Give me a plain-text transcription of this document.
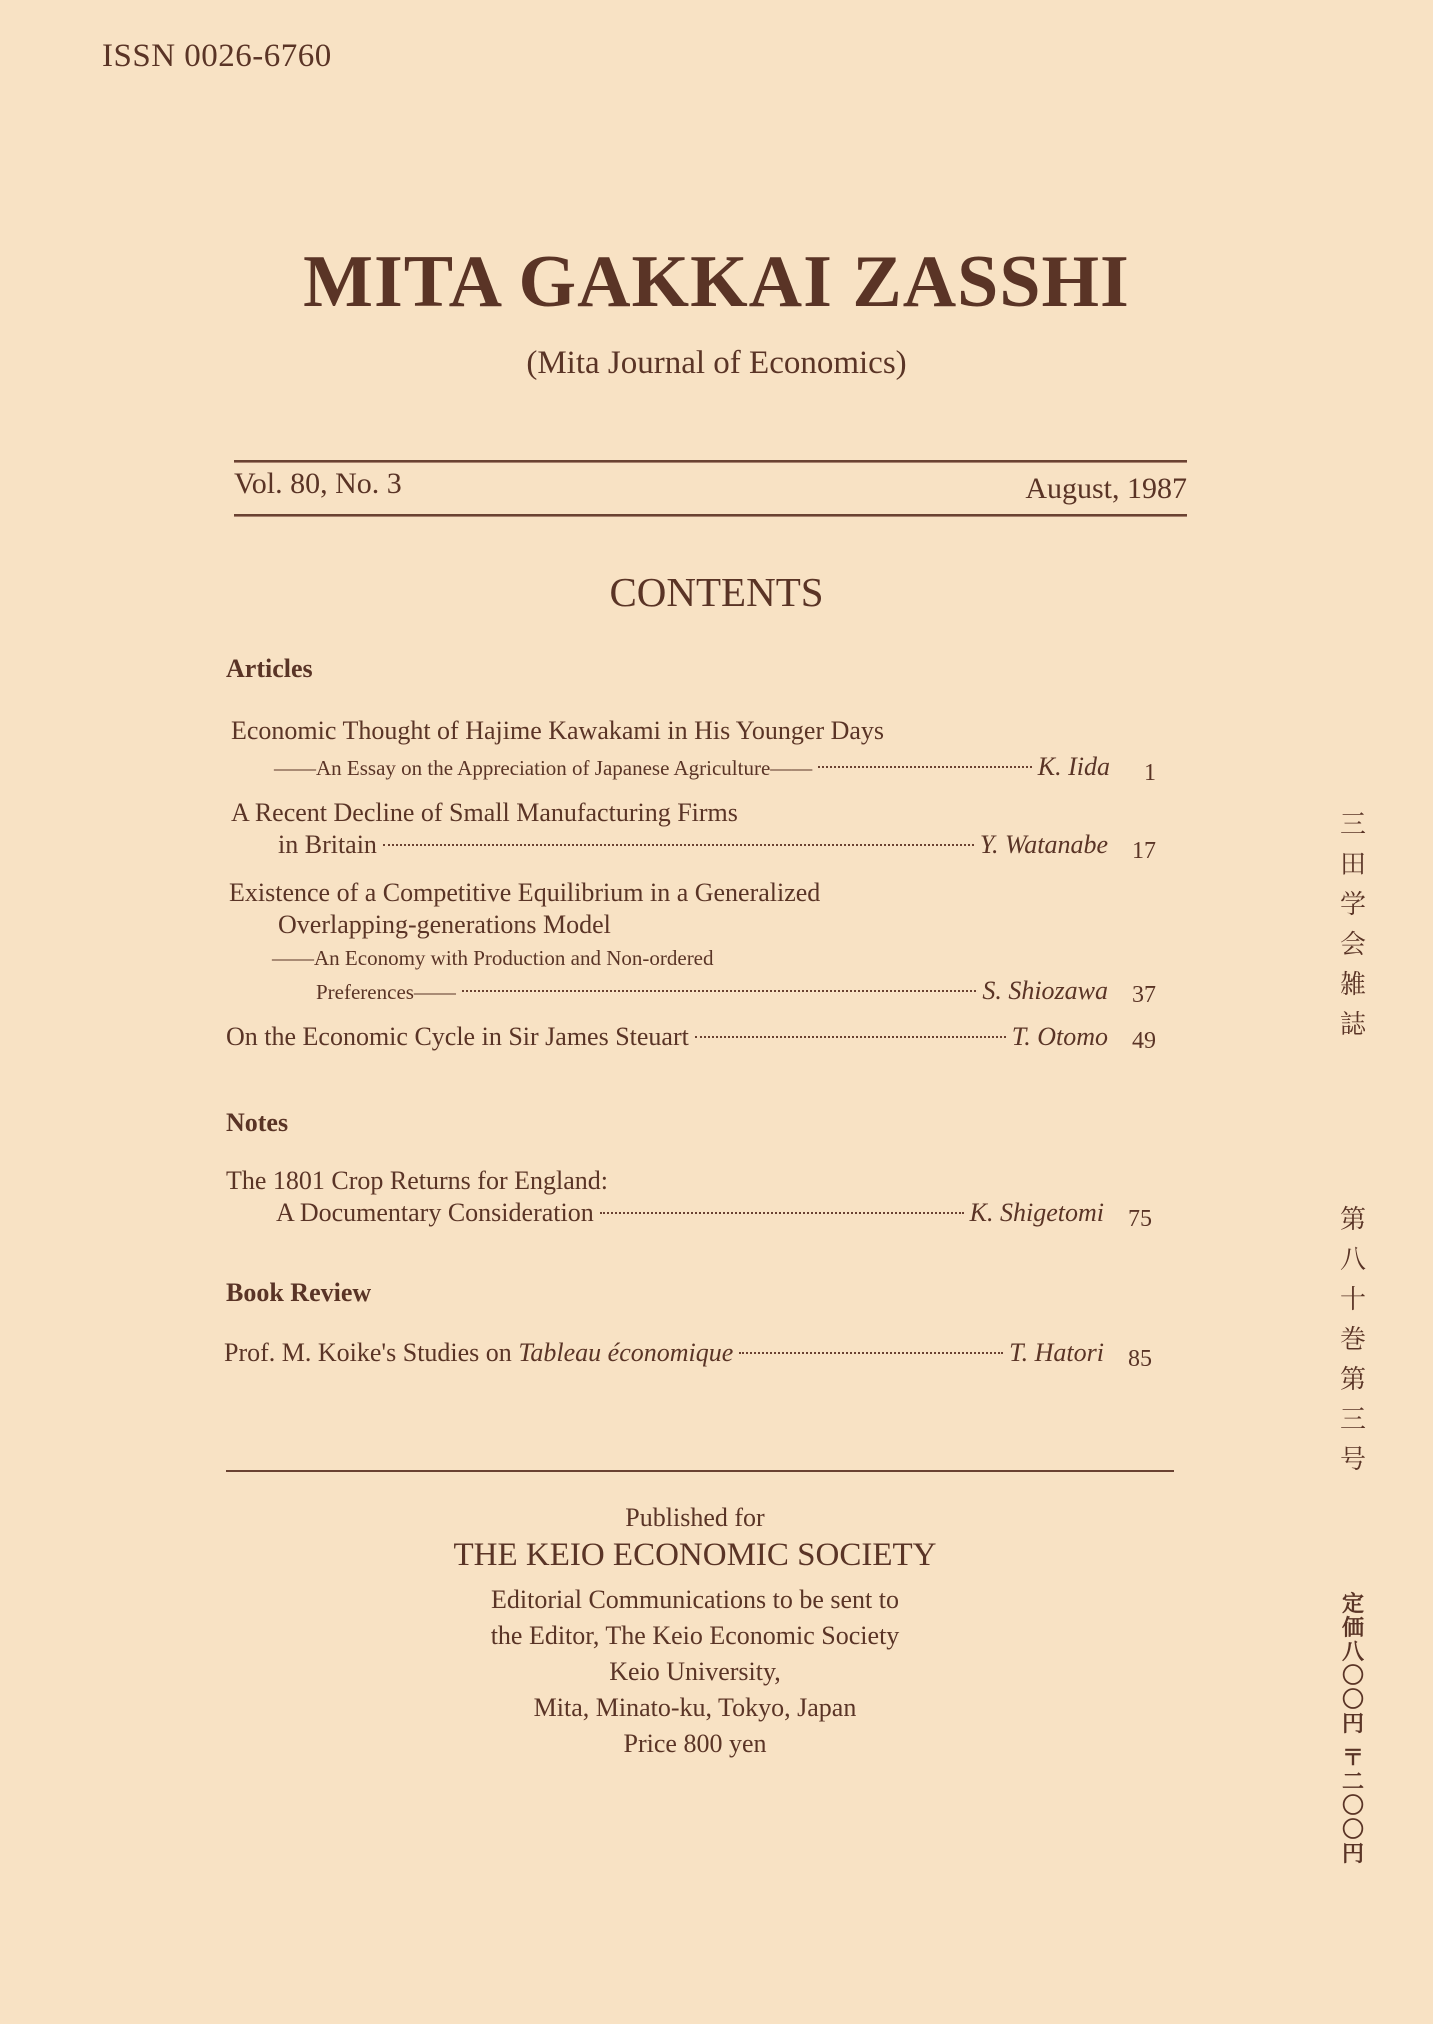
ISSN 0026-6760
MITA GAKKAI ZASSHI
(Mita Journal of Economics)
Vol. 80, No. 3	August, 1987
CONTENTS
Articles
Economic Thought of Hajime Kawakami in His Younger Days
——An Essay on the Appreciation of Japanese Agriculture——	K. Iida	1
A Recent Decline of Small Manufacturing Firms
in Britain	Y. Watanabe	17
Existence of a Competitive Equilibrium in a Generalized
Overlapping-generations Model
——An Economy with Production and Non-ordered
Preferences——	S. Shiozawa	37
On the Economic Cycle in Sir James Steuart	T. Otomo	49
Notes
The 1801 Crop Returns for England:
A Documentary Consideration	K. Shigetomi	75
Book Review
Prof. M. Koike's Studies on Tableau économique	T. Hatori	85
Published for
THE KEIO ECONOMIC SOCIETY
Editorial Communications to be sent to
the Editor, The Keio Economic Society
Keio University,
Mita, Minato-ku, Tokyo, Japan
Price 800 yen
三
田
学
会
雑
誌
第
八
十
巻
第
三
号
定
価
八
〇
〇
円
〒
二
〇
〇
円
